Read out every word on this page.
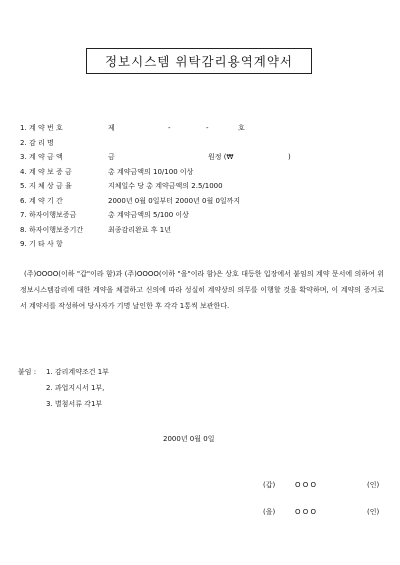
정보시스템 위탁감리용역계약서
1. 계 약 번 호	제	-	-	호
2. 감 리 명
3. 계 약 금 액	금	원정 (₩	)
4. 계 약 보 증 금	총 계약금액의 10/100 이상
5. 지 체 상 금 율	지체일수 당 총 계약금액의 2.5/1000
6. 계 약 기 간	2000년 0월 0일부터 2000년 0월 0일까지
7. 하자이행보증금	총 계약금액의 5/100 이상
8. 하자이행보증기간	최종감리완료 후 1년
9. 기 타 사 항
(주)OOOO(이하 "갑"이라 함)과 (주)OOOO(이하 "을"이라 함)은 상호 대등한 입장에서 붙임의 계약 문서에 의하여 위 정보시스템감리에 대한 계약을 체결하고 신의에 따라 성실히 계약상의 의무를 이행할 것을 확약하며, 이 계약의 증거로서 계약서를 작성하여 당사자가 기명 날인한 후 각각 1통씩 보관한다.
붙임 : 1. 감리계약조건 1부
2. 과업지시서 1부,
3. 별첨서류 각1부
2000년 0월 0일
(갑)	O O O	(인)
(을)	O O O	(인)
